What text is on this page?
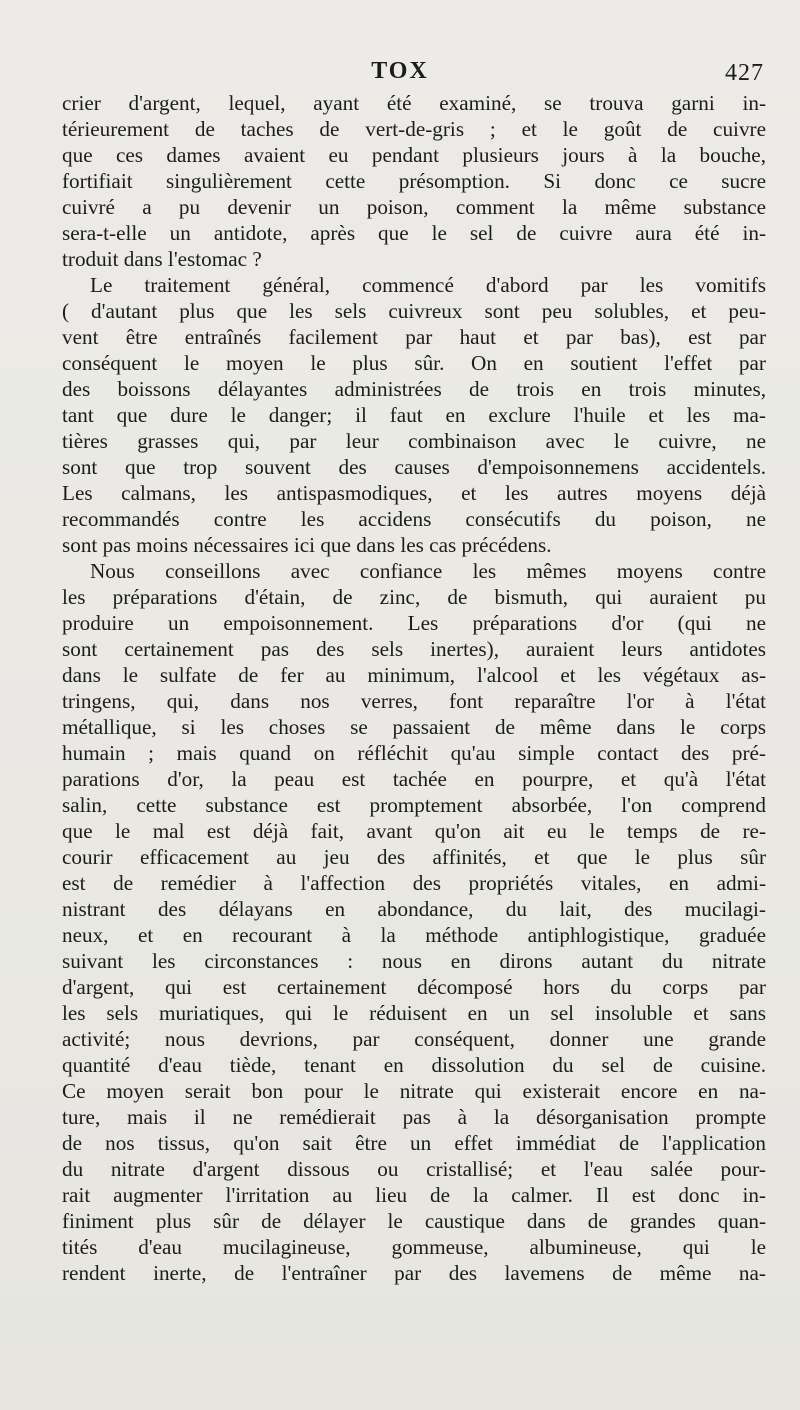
TOX	427
crier d'argent, lequel, ayant été examiné, se trouva garni in-
térieurement de taches de vert-de-gris ; et le goût de cuivre
que ces dames avaient eu pendant plusieurs jours à la bouche,
fortifiait singulièrement cette présomption. Si donc ce sucre
cuivré a pu devenir un poison, comment la même substance
sera-t-elle un antidote, après que le sel de cuivre aura été in-
troduit dans l'estomac ?
Le traitement général, commencé d'abord par les vomitifs
( d'autant plus que les sels cuivreux sont peu solubles, et peu-
vent être entraînés facilement par haut et par bas), est par
conséquent le moyen le plus sûr. On en soutient l'effet par
des boissons délayantes administrées de trois en trois minutes,
tant que dure le danger; il faut en exclure l'huile et les ma-
tières grasses qui, par leur combinaison avec le cuivre, ne
sont que trop souvent des causes d'empoisonnemens accidentels.
Les calmans, les antispasmodiques, et les autres moyens déjà
recommandés contre les accidens consécutifs du poison, ne
sont pas moins nécessaires ici que dans les cas précédens.
Nous conseillons avec confiance les mêmes moyens contre
les préparations d'étain, de zinc, de bismuth, qui auraient pu
produire un empoisonnement. Les préparations d'or (qui ne
sont certainement pas des sels inertes), auraient leurs antidotes
dans le sulfate de fer au minimum, l'alcool et les végétaux as-
tringens, qui, dans nos verres, font reparaître l'or à l'état
métallique, si les choses se passaient de même dans le corps
humain ; mais quand on réfléchit qu'au simple contact des pré-
parations d'or, la peau est tachée en pourpre, et qu'à l'état
salin, cette substance est promptement absorbée, l'on comprend
que le mal est déjà fait, avant qu'on ait eu le temps de re-
courir efficacement au jeu des affinités, et que le plus sûr
est de remédier à l'affection des propriétés vitales, en admi-
nistrant des délayans en abondance, du lait, des mucilagi-
neux, et en recourant à la méthode antiphlogistique, graduée
suivant les circonstances : nous en dirons autant du nitrate
d'argent, qui est certainement décomposé hors du corps par
les sels muriatiques, qui le réduisent en un sel insoluble et sans
activité; nous devrions, par conséquent, donner une grande
quantité d'eau tiède, tenant en dissolution du sel de cuisine.
Ce moyen serait bon pour le nitrate qui existerait encore en na-
ture, mais il ne remédierait pas à la désorganisation prompte
de nos tissus, qu'on sait être un effet immédiat de l'application
du nitrate d'argent dissous ou cristallisé; et l'eau salée pour-
rait augmenter l'irritation au lieu de la calmer. Il est donc in-
finiment plus sûr de délayer le caustique dans de grandes quan-
tités d'eau mucilagineuse, gommeuse, albumineuse, qui le
rendent inerte, de l'entraîner par des lavemens de même na-
